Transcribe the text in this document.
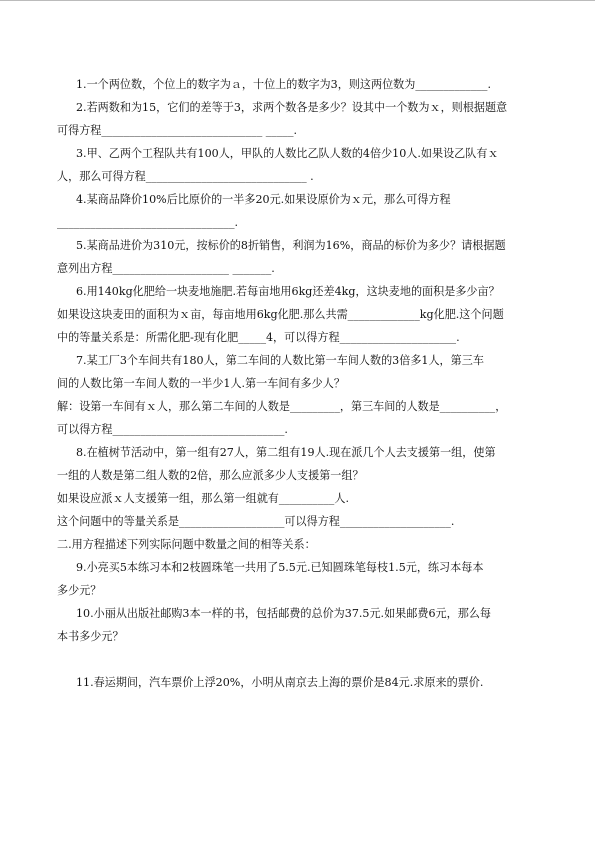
1.一个两位数，个位上的数字为ａ，十位上的数字为3，则这两位数为_____________.
2.若两数和为15，它们的差等于3，求两个数各是多少？设其中一个数为ｘ，则根据题意
可得方程_____________________________ _____.
3.甲、乙两个工程队共有100人，甲队的人数比乙队人数的4倍少10人.如果设乙队有ｘ
人，那么可得方程_____________________________ .
4.某商品降价10%后比原价的一半多20元.如果设原价为ｘ元，那么可得方程
________________________________.
5.某商品进价为310元，按标价的8折销售，利润为16%，商品的标价为多少？请根据题
意列出方程_____________________ _______.
6.用140kg化肥给一块麦地施肥.若每亩地用6kg还差4kg，这块麦地的面积是多少亩？
如果设这块麦田的面积为ｘ亩，每亩地用6kg化肥.那么共需_____________kg化肥.这个问题
中的等量关系是：所需化肥-现有化肥_____4，可以得方程_____________________.
7.某工厂3个车间共有180人，第二车间的人数比第一车间人数的3倍多1人，第三车
间的人数比第一车间人数的一半少1人.第一车间有多少人？
解：设第一车间有ｘ人，那么第二车间的人数是_________，第三车间的人数是__________，
可以得方程_______________________________.
8.在植树节活动中，第一组有27人，第二组有19人.现在派几个人去支援第一组，使第
一组的人数是第二组人数的2倍，那么应派多少人支援第一组？
如果设应派ｘ人支援第一组，那么第一组就有__________人.
这个问题中的等量关系是___________________可以得方程____________________.
二.用方程描述下列实际问题中数量之间的相等关系：
9.小亮买5本练习本和2枝圆珠笔一共用了5.5元.已知圆珠笔每枝1.5元，练习本每本
多少元？
10.小丽从出版社邮购3本一样的书，包括邮费的总价为37.5元.如果邮费6元，那么每
本书多少元？
11.春运期间，汽车票价上浮20%，小明从南京去上海的票价是84元.求原来的票价.
